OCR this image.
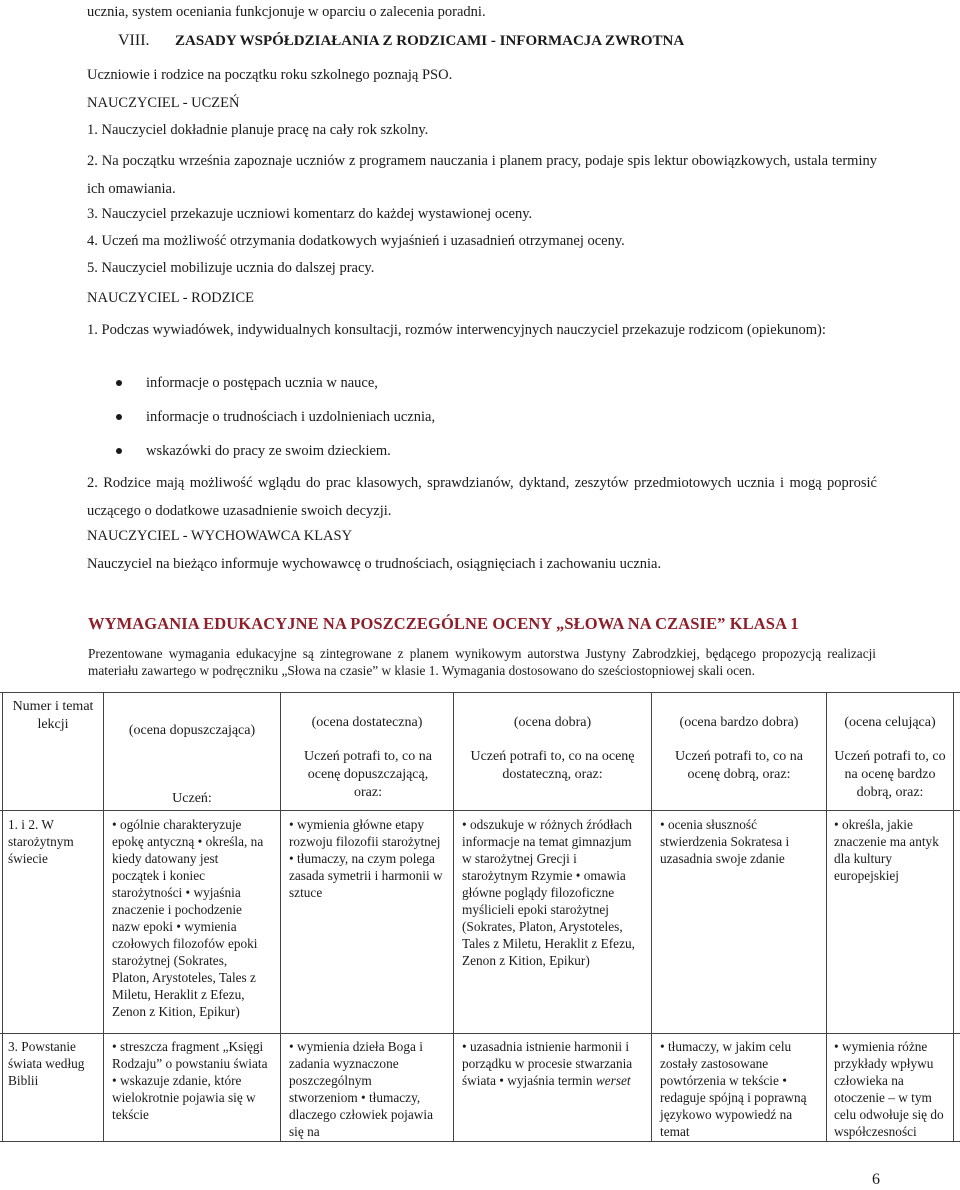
ucznia, system oceniania funkcjonuje w oparciu o zalecenia poradni.
VIII. ZASADY WSPÓŁDZIAŁANIA Z RODZICAMI - INFORMACJA ZWROTNA
Uczniowie i rodzice na początku roku szkolnego poznają PSO.
NAUCZYCIEL - UCZEŃ
1. Nauczyciel dokładnie planuje pracę na cały rok szkolny.
2. Na początku września zapoznaje uczniów z programem nauczania i planem pracy, podaje spis lektur obowiązkowych, ustala terminy ich omawiania.
3. Nauczyciel przekazuje uczniowi komentarz do każdej wystawionej oceny.
4. Uczeń ma możliwość otrzymania dodatkowych wyjaśnień i uzasadnień otrzymanej oceny.
5. Nauczyciel mobilizuje ucznia do dalszej pracy.
NAUCZYCIEL - RODZICE
1. Podczas wywiadówek, indywidualnych konsultacji, rozmów interwencyjnych nauczyciel przekazuje rodzicom (opiekunom):
informacje o postępach ucznia w nauce,
informacje o trudnościach i uzdolnieniach ucznia,
wskazówki do pracy ze swoim dzieckiem.
2. Rodzice mają możliwość wglądu do prac klasowych, sprawdzianów, dyktand, zeszytów przedmiotowych ucznia i mogą poprosić uczącego o dodatkowe uzasadnienie swoich decyzji.
NAUCZYCIEL - WYCHOWAWCA KLASY
Nauczyciel na bieżąco informuje wychowawcę o trudnościach, osiągnięciach i zachowaniu ucznia.
WYMAGANIA EDUKACYJNE NA POSZCZEGÓLNE OCENY „SŁOWA NA CZASIE” KLASA 1
Prezentowane wymagania edukacyjne są zintegrowane z planem wynikowym autorstwa Justyny Zabrodzkiej, będącego propozycją realizacji materiału zawartego w podręczniku „Słowa na czasie” w klasie 1. Wymagania dostosowano do sześciostopniowej skali ocen.
Numer i temat lekcji	(ocena dopuszczająca)
Uczeń:
(ocena dostateczna)
Uczeń potrafi to, co na ocenę dopuszczającą, oraz:
(ocena dobra)
Uczeń potrafi to, co na ocenę dostateczną, oraz:
(ocena bardzo dobra)
Uczeń potrafi to, co na ocenę dobrą, oraz:
(ocena celująca)
Uczeń potrafi to, co na ocenę bardzo dobrą, oraz:
1. i 2. W starożytnym świecie
• ogólnie charakteryzuje epokę antyczną • określa, na kiedy datowany jest początek i koniec starożytności • wyjaśnia znaczenie i pochodzenie nazw epoki • wymienia czołowych filozofów epoki starożytnej (Sokrates, Platon, Arystoteles, Tales z Miletu, Heraklit z Efezu, Zenon z Kition, Epikur)
• wymienia główne etapy rozwoju filozofii starożytnej • tłumaczy, na czym polega zasada symetrii i harmonii w sztuce
• odszukuje w różnych źródłach informacje na temat gimnazjum w starożytnej Grecji i starożytnym Rzymie • omawia główne poglądy filozoficzne myślicieli epoki starożytnej (Sokrates, Platon, Arystoteles, Tales z Miletu, Heraklit z Efezu, Zenon z Kition, Epikur)
• ocenia słuszność stwierdzenia Sokratesa i uzasadnia swoje zdanie
• określa, jakie znaczenie ma antyk dla kultury europejskiej
3. Powstanie świata według Biblii
• streszcza fragment „Księgi Rodzaju” o powstaniu świata • wskazuje zdanie, które wielokrotnie pojawia się w tekście
• wymienia dzieła Boga i zadania wyznaczone poszczególnym stworzeniom • tłumaczy, dlaczego człowiek pojawia się na
• uzasadnia istnienie harmonii i porządku w procesie stwarzania świata • wyjaśnia termin werset
• tłumaczy, w jakim celu zostały zastosowane powtórzenia w tekście • redaguje spójną i poprawną językowo wypowiedź na temat
• wymienia różne przykłady wpływu człowieka na otoczenie – w tym celu odwołuje się do współczesności
6
